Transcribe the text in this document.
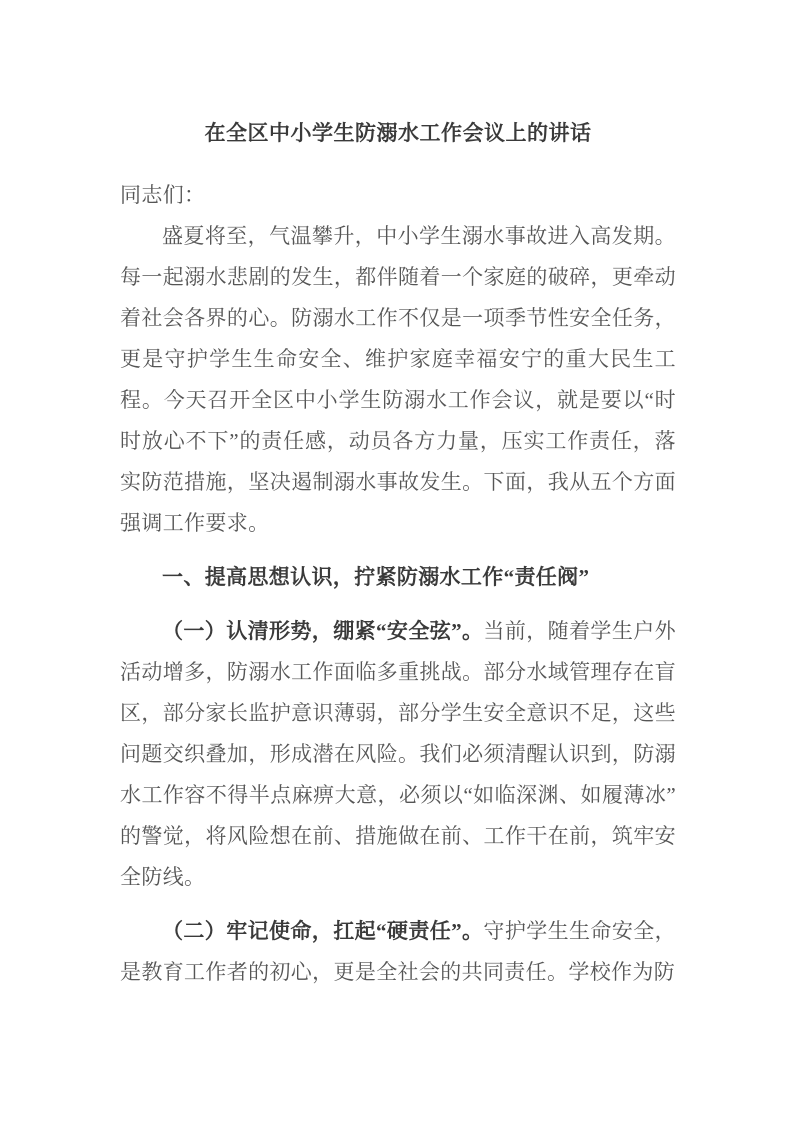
在全区中小学生防溺水工作会议上的讲话

同志们：

盛夏将至，气温攀升，中小学生溺水事故进入高发期。每一起溺水悲剧的发生，都伴随着一个家庭的破碎，更牵动着社会各界的心。防溺水工作不仅是一项季节性安全任务，更是守护学生生命安全、维护家庭幸福安宁的重大民生工程。今天召开全区中小学生防溺水工作会议，就是要以“时时放心不下”的责任感，动员各方力量，压实工作责任，落实防范措施，坚决遏制溺水事故发生。下面，我从五个方面强调工作要求。

一、提高思想认识，拧紧防溺水工作“责任阀”

（一）认清形势，绷紧“安全弦”。当前，随着学生户外活动增多，防溺水工作面临多重挑战。部分水域管理存在盲区，部分家长监护意识薄弱，部分学生安全意识不足，这些问题交织叠加，形成潜在风险。我们必须清醒认识到，防溺水工作容不得半点麻痹大意，必须以“如临深渊、如履薄冰”的警觉，将风险想在前、措施做在前、工作干在前，筑牢安全防线。

（二）牢记使命，扛起“硬责任”。守护学生生命安全，是教育工作者的初心，更是全社会的共同责任。学校作为防
